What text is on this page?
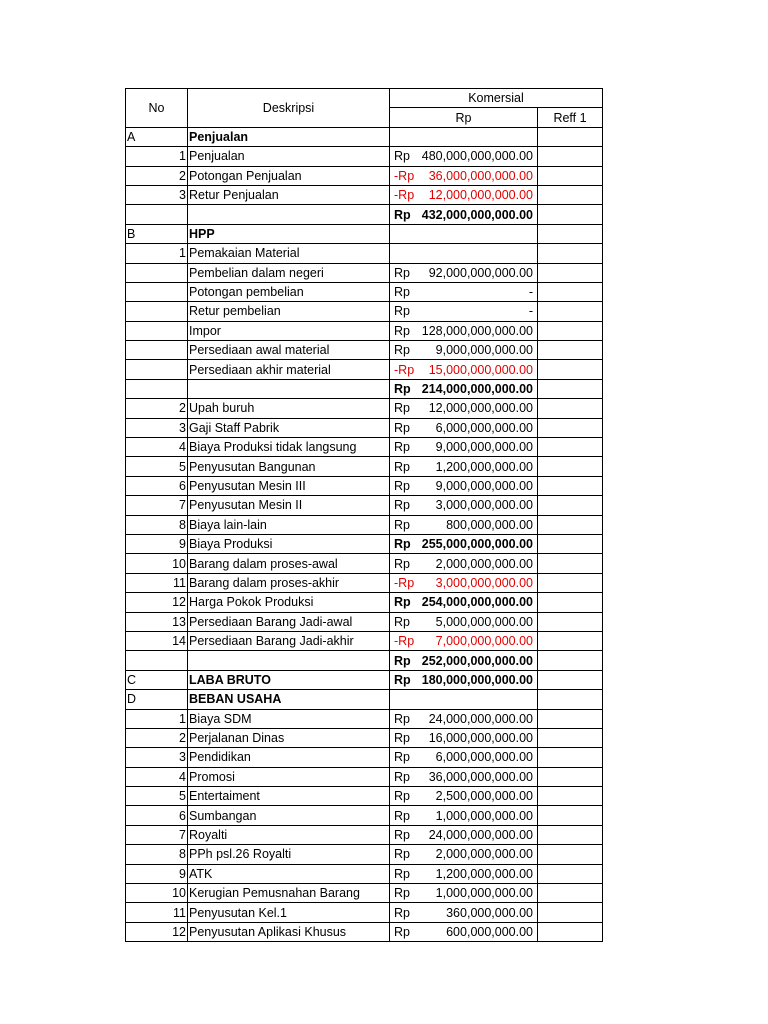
No	Deskripsi	Komersial		
		Rp		Reff 1
A	Penjualan			
1	Penjualan	Rp	480,000,000,000.00	
2	Potongan Penjualan	-Rp	36,000,000,000.00	
3	Retur Penjualan	-Rp	12,000,000,000.00	
		Rp	432,000,000,000.00	
B	HPP			
1	Pemakaian Material			
	Pembelian dalam negeri	Rp	92,000,000,000.00	
	Potongan pembelian	Rp	-	
	Retur pembelian	Rp	-	
	Impor	Rp	128,000,000,000.00	
	Persediaan awal material	Rp	9,000,000,000.00	
	Persediaan akhir material	-Rp	15,000,000,000.00	
		Rp	214,000,000,000.00	
2	Upah buruh	Rp	12,000,000,000.00	
3	Gaji Staff Pabrik	Rp	6,000,000,000.00	
4	Biaya Produksi tidak langsung	Rp	9,000,000,000.00	
5	Penyusutan Bangunan	Rp	1,200,000,000.00	
6	Penyusutan Mesin III	Rp	9,000,000,000.00	
7	Penyusutan Mesin II	Rp	3,000,000,000.00	
8	Biaya lain-lain	Rp	800,000,000.00	
9	Biaya Produksi	Rp	255,000,000,000.00	
10	Barang dalam proses-awal	Rp	2,000,000,000.00	
11	Barang dalam proses-akhir	-Rp	3,000,000,000.00	
12	Harga Pokok Produksi	Rp	254,000,000,000.00	
13	Persediaan Barang Jadi-awal	Rp	5,000,000,000.00	
14	Persediaan Barang Jadi-akhir	-Rp	7,000,000,000.00	
		Rp	252,000,000,000.00	
C	LABA BRUTO	Rp	180,000,000,000.00	
D	BEBAN USAHA			
1	Biaya SDM	Rp	24,000,000,000.00	
2	Perjalanan Dinas	Rp	16,000,000,000.00	
3	Pendidikan	Rp	6,000,000,000.00	
4	Promosi	Rp	36,000,000,000.00	
5	Entertaiment	Rp	2,500,000,000.00	
6	Sumbangan	Rp	1,000,000,000.00	
7	Royalti	Rp	24,000,000,000.00	
8	PPh psl.26 Royalti	Rp	2,000,000,000.00	
9	ATK	Rp	1,200,000,000.00	
10	Kerugian Pemusnahan Barang	Rp	1,000,000,000.00	
11	Penyusutan Kel.1	Rp	360,000,000.00	
12	Penyusutan Aplikasi Khusus	Rp	600,000,000.00	
